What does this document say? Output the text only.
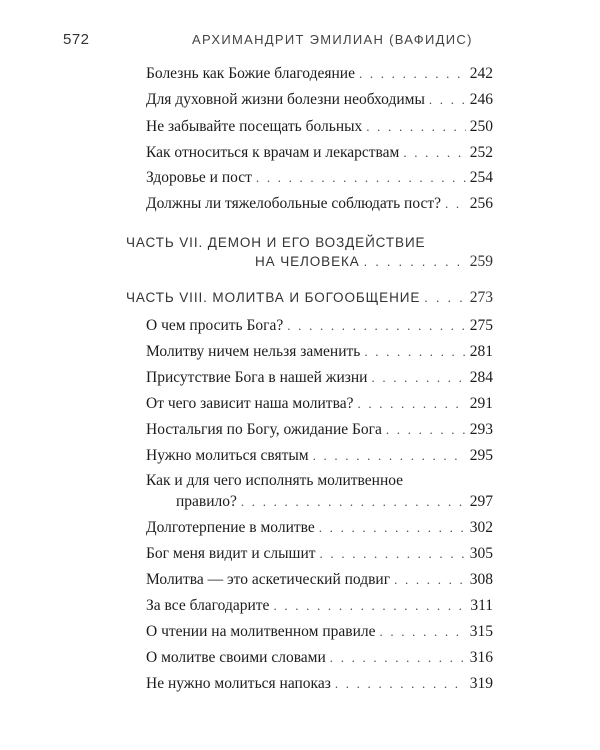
572	АРХИМАНДРИТ ЭМИЛИАН (ВАФИДИС)
Болезнь как Божие благодеяние . . .	242
Для духовной жизни болезни необходимы . . .	246
Не забывайте посещать больных . . .	250
Как относиться к врачам и лекарствам . . .	252
Здоровье и пост . . .	254
Должны ли тяжелобольные соблюдать пост? . . . 256
ЧАСТЬ VII. ДЕМОН И ЕГО ВОЗДЕЙСТВИЕ
НА ЧЕЛОВЕКА . . .	259
ЧАСТЬ VIII. МОЛИТВА И БОГООБЩЕНИЕ . . .	273
О чем просить Бога? . . .	275
Молитву ничем нельзя заменить . . .	281
Присутствие Бога в нашей жизни . . .	284
От чего зависит наша молитва? . . .	291
Ностальгия по Богу, ожидание Бога . . .	293
Нужно молиться святым . . .	295
Как и для чего исполнять молитвенное
правило? . . .	297
Долготерпение в молитве . . .	302
Бог меня видит и слышит . . .	305
Молитва — это аскетический подвиг . . .	308
За все благодарите . . .	311
О чтении на молитвенном правиле . . .	315
О молитве своими словами . . .	316
Не нужно молиться напоказ . . .	319
